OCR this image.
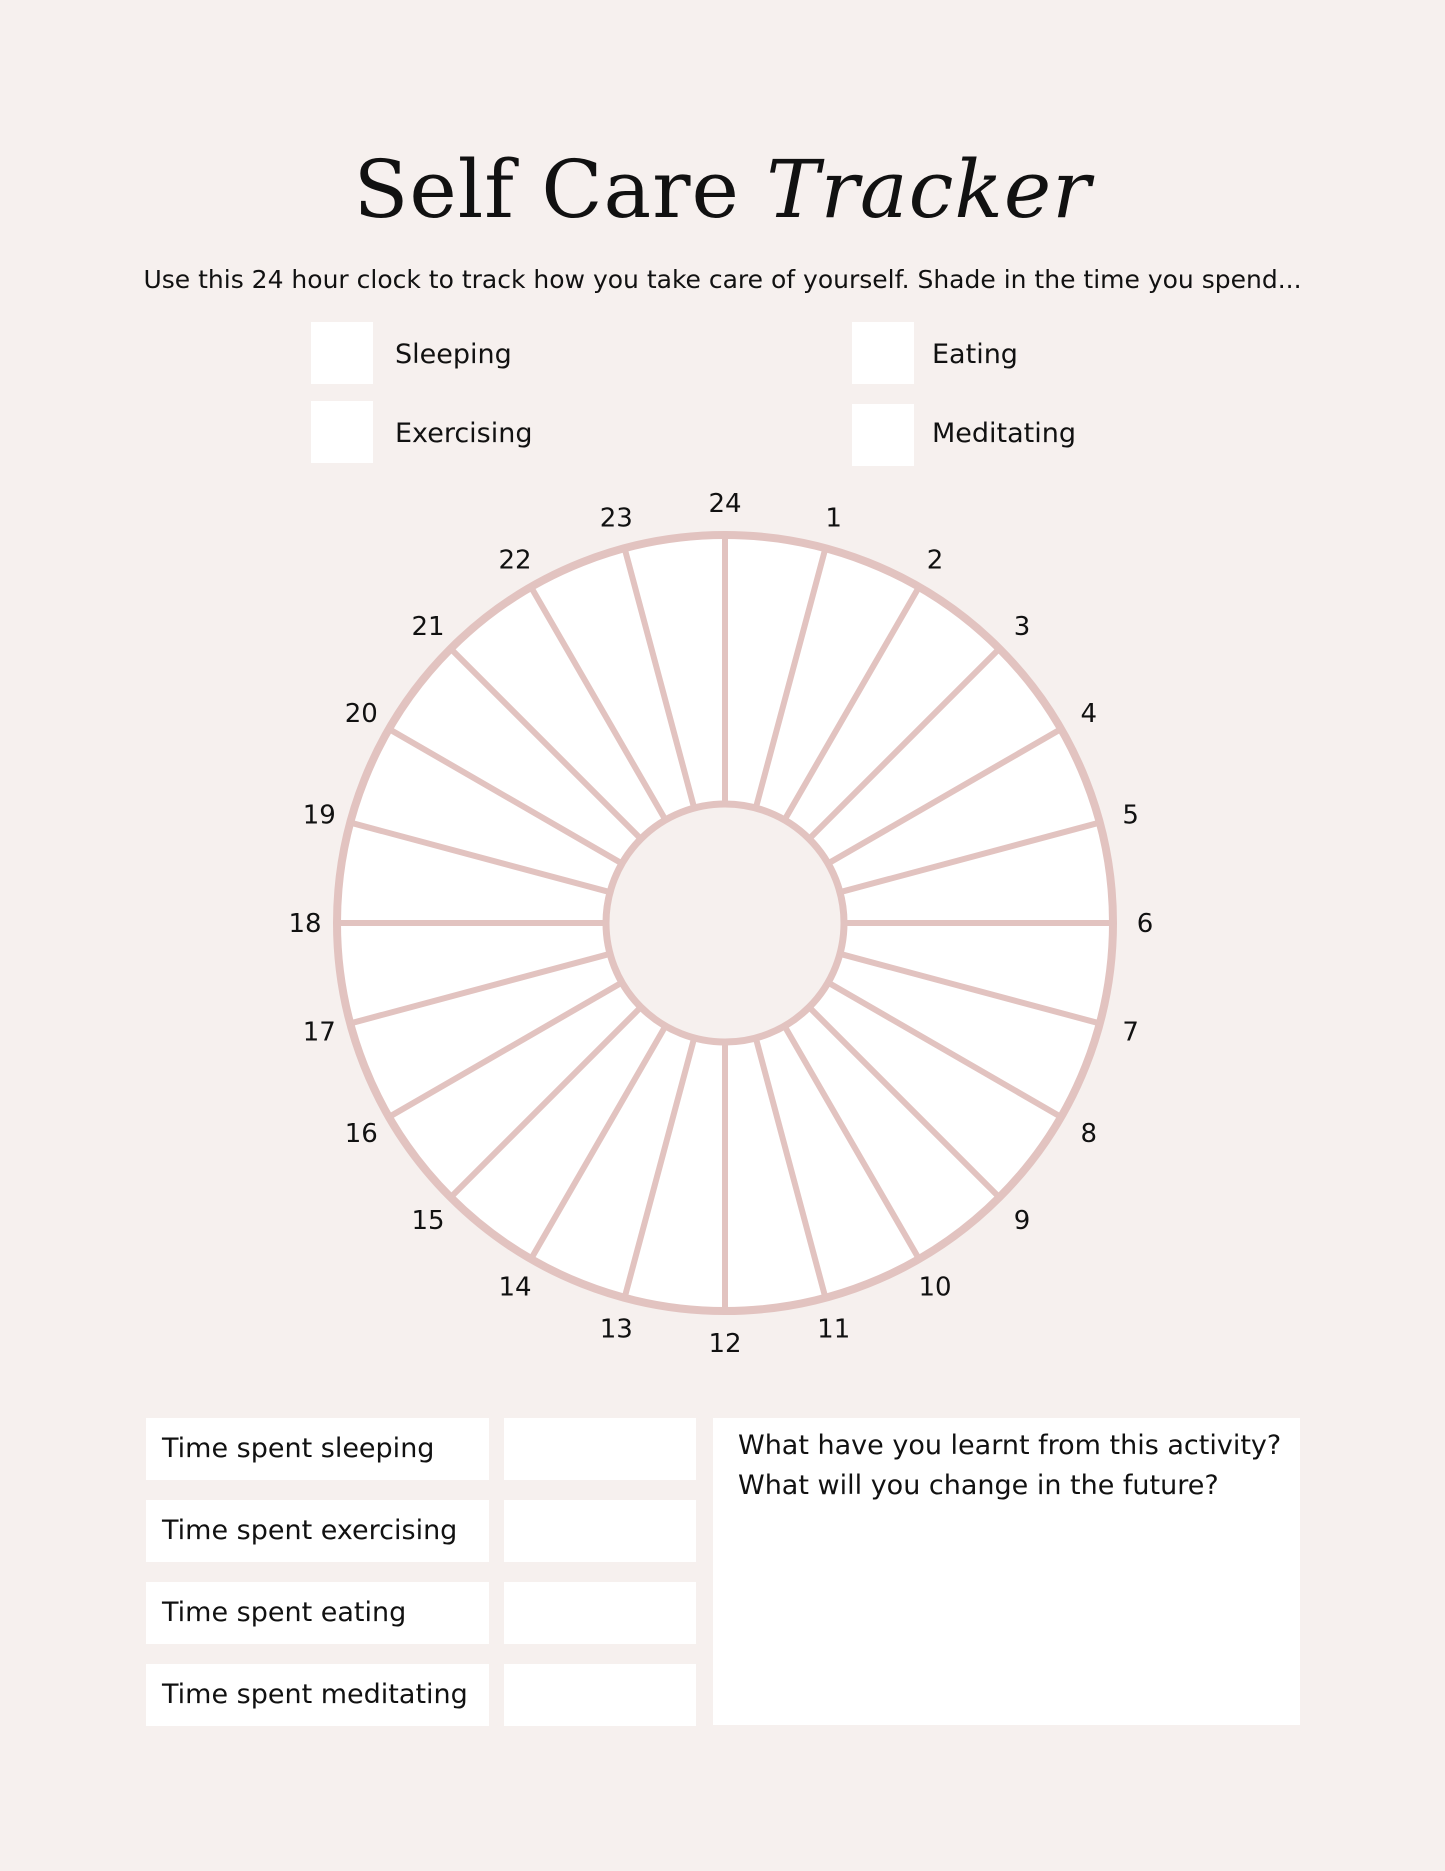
Self Care Tracker
Use this 24 hour clock to track how you take care of yourself. Shade in the time you spend...
Sleeping	Eating
Exercising	Meditating
24	1
2
3
4
5
6
7
8
9
10
11
12
13
14
15
16
17
18
19
20
21
22
23
Time spent sleeping
Time spent exercising
Time spent eating
Time spent meditating
What have you learnt from this activity?
What will you change in the future?
